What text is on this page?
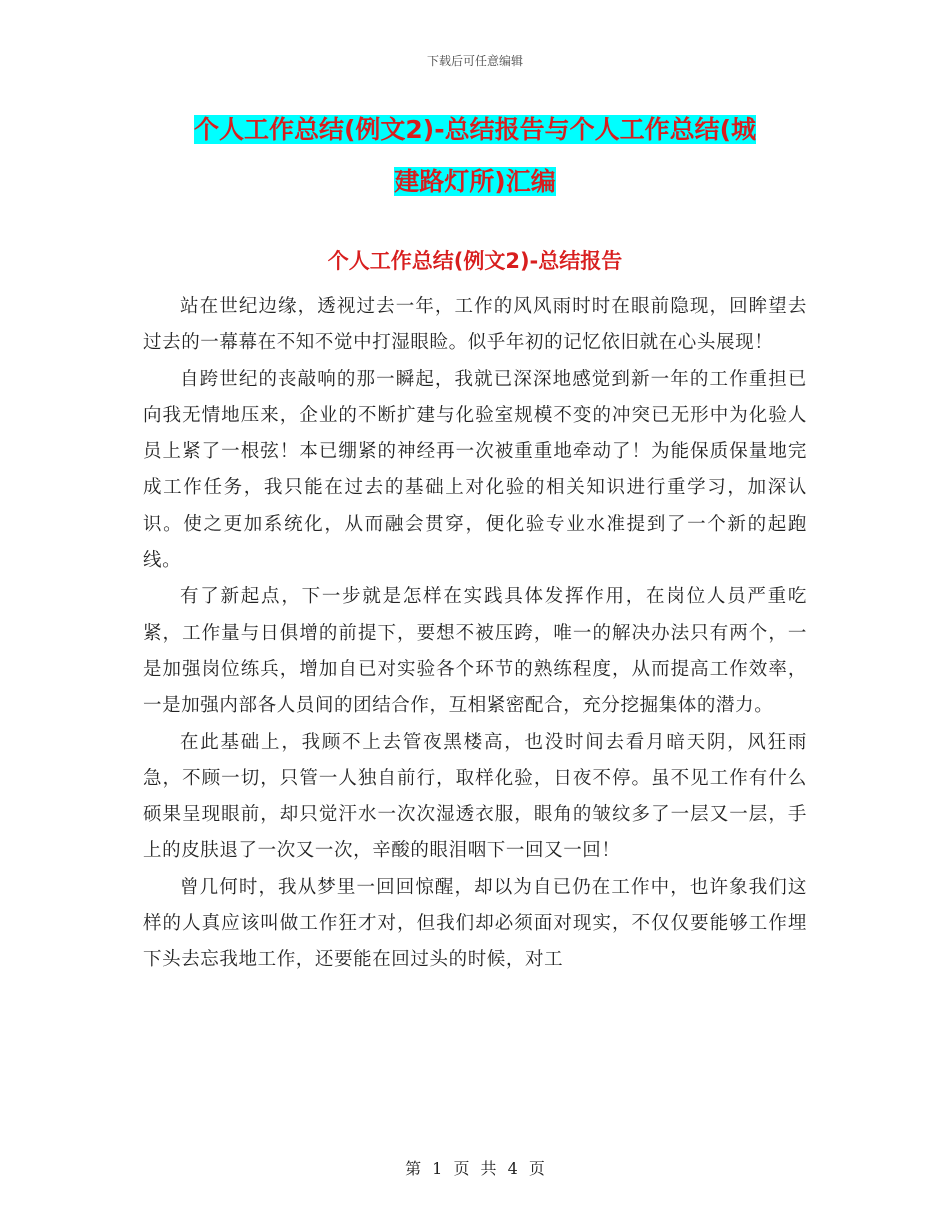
下载后可任意编辑
个人工作总结(例文2)-总结报告与个人工作总结(城
建路灯所)汇编
个人工作总结(例文2)-总结报告

站在世纪边缘，透视过去一年，工作的风风雨时时在眼前隐现，回眸望去过去的一幕幕在不知不觉中打湿眼睑。似乎年初的记忆依旧就在心头展现！

自跨世纪的丧敲响的那一瞬起，我就已深深地感觉到新一年的工作重担已向我无情地压来，企业的不断扩建与化验室规模不变的冲突已无形中为化验人员上紧了一根弦！本已绷紧的神经再一次被重重地牵动了！为能保质保量地完成工作任务，我只能在过去的基础上对化验的相关知识进行重学习，加深认识。使之更加系统化，从而融会贯穿，便化验专业水准提到了一个新的起跑线。

有了新起点，下一步就是怎样在实践具体发挥作用，在岗位人员严重吃紧，工作量与日俱增的前提下，要想不被压跨，唯一的解决办法只有两个，一是加强岗位练兵，增加自已对实验各个环节的熟练程度，从而提高工作效率，一是加强内部各人员间的团结合作，互相紧密配合，充分挖掘集体的潜力。

在此基础上，我顾不上去管夜黑楼高，也没时间去看月暗天阴，风狂雨急，不顾一切，只管一人独自前行，取样化验，日夜不停。虽不见工作有什么硕果呈现眼前，却只觉汗水一次次湿透衣服，眼角的皱纹多了一层又一层，手上的皮肤退了一次又一次，辛酸的眼泪咽下一回又一回！

曾几何时，我从梦里一回回惊醒，却以为自已仍在工作中，也许象我们这样的人真应该叫做工作狂才对，但我们却必须面对现实，不仅仅要能够工作埋下头去忘我地工作，还要能在回过头的时候，对工

第 1 页 共 4 页
